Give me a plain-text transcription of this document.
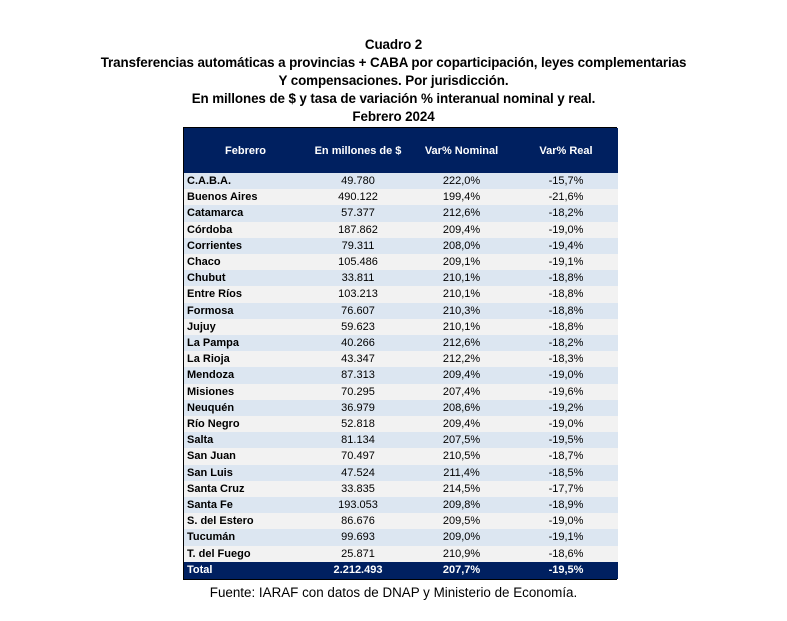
Cuadro 2
Transferencias automáticas a provincias + CABA por coparticipación, leyes complementarias
Y compensaciones. Por jurisdicción.
En millones de $ y tasa de variación % interanual nominal y real.
Febrero 2024
Febrero	En millones de $	Var% Nominal	Var% Real
C.A.B.A.	49.780	222,0%	-15,7%
Buenos Aires	490.122	199,4%	-21,6%
Catamarca	57.377	212,6%	-18,2%
Córdoba	187.862	209,4%	-19,0%
Corrientes	79.311	208,0%	-19,4%
Chaco	105.486	209,1%	-19,1%
Chubut	33.811	210,1%	-18,8%
Entre Ríos	103.213	210,1%	-18,8%
Formosa	76.607	210,3%	-18,8%
Jujuy	59.623	210,1%	-18,8%
La Pampa	40.266	212,6%	-18,2%
La Rioja	43.347	212,2%	-18,3%
Mendoza	87.313	209,4%	-19,0%
Misiones	70.295	207,4%	-19,6%
Neuquén	36.979	208,6%	-19,2%
Río Negro	52.818	209,4%	-19,0%
Salta	81.134	207,5%	-19,5%
San Juan	70.497	210,5%	-18,7%
San Luis	47.524	211,4%	-18,5%
Santa Cruz	33.835	214,5%	-17,7%
Santa Fe	193.053	209,8%	-18,9%
S. del Estero	86.676	209,5%	-19,0%
Tucumán	99.693	209,0%	-19,1%
T. del Fuego	25.871	210,9%	-18,6%
Total	2.212.493	207,7%	-19,5%
Fuente: IARAF con datos de DNAP y Ministerio de Economía.
